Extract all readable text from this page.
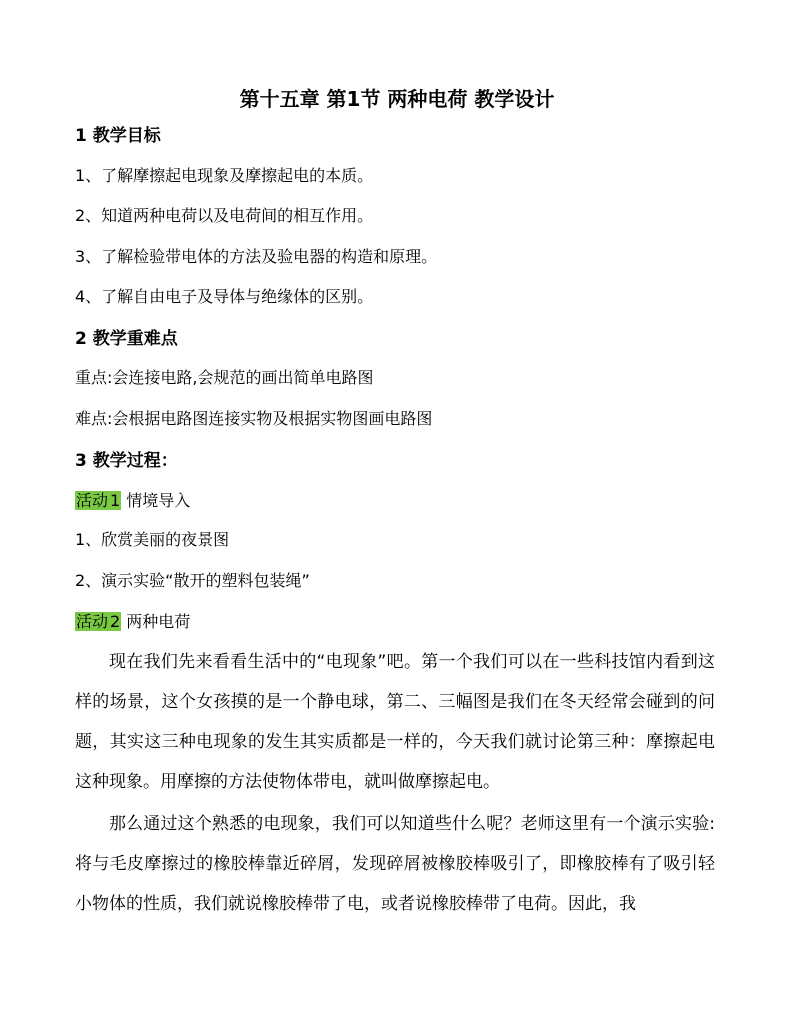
第十五章 第1节 两种电荷 教学设计
1 教学目标
1、了解摩擦起电现象及摩擦起电的本质。
2、知道两种电荷以及电荷间的相互作用。
3、了解检验带电体的方法及验电器的构造和原理。
4、了解自由电子及导体与绝缘体的区别。
2 教学重难点
重点:会连接电路,会规范的画出简单电路图
难点:会根据电路图连接实物及根据实物图画电路图
3 教学过程：
活动 1 情境导入
1、欣赏美丽的夜景图
2、演示实验“散开的塑料包装绳”
活动 2 两种电荷

现在我们先来看看生活中的“电现象”吧。第一个我们可以在一些科技馆内看到这样的场景，这个女孩摸的是一个静电球，第二、三幅图是我们在冬天经常会碰到的问题，其实这三种电现象的发生其实质都是一样的，今天我们就讨论第三种：摩擦起电这种现象。用摩擦的方法使物体带电，就叫做摩擦起电。

那么通过这个熟悉的电现象，我们可以知道些什么呢？老师这里有一个演示实验: 将与毛皮摩擦过的橡胶棒靠近碎屑，发现碎屑被橡胶棒吸引了，即橡胶棒有了吸引轻小物体的性质，我们就说橡胶棒带了电，或者说橡胶棒带了电荷。因此，我
